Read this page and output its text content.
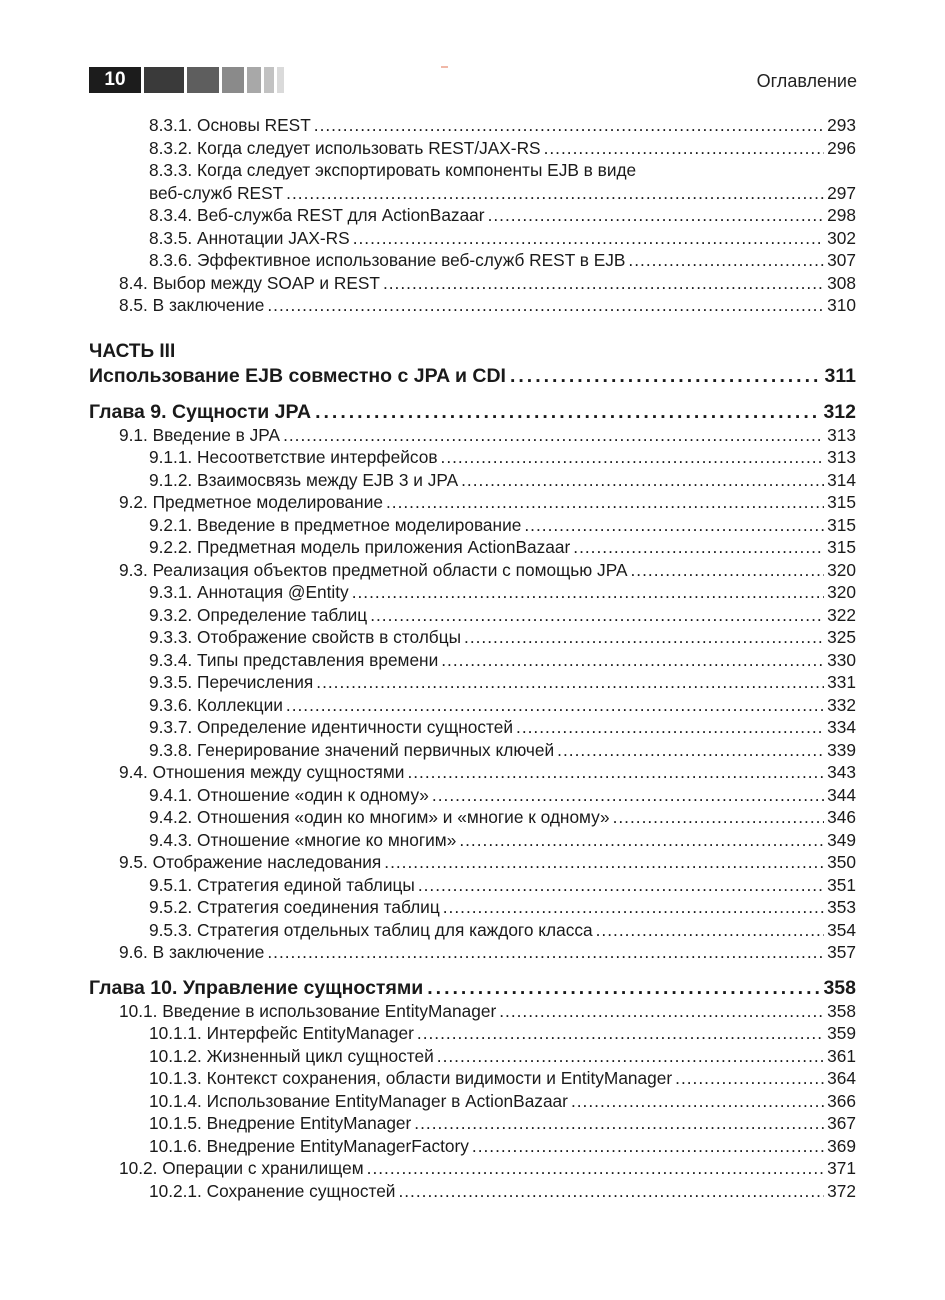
10	Оглавление
8.3.1. Основы REST .....	293
8.3.2. Когда следует использовать REST/JAX-RS .....	296
8.3.3. Когда следует экспортировать компоненты EJB в виде
веб-служб REST .....	297
8.3.4. Веб-служба REST для ActionBazaar .....	298
8.3.5. Аннотации JAX-RS .....	302
8.3.6. Эффективное использование веб-служб REST в EJB .....	307
8.4. Выбор между SOAP и REST .....	308
8.5. В заключение .....	310
ЧАСТЬ III
Использование EJB совместно с JPA и CDI .....	311
Глава 9. Сущности JPA .....	312
9.1. Введение в JPA .....	313
9.1.1. Несоответствие интерфейсов .....	313
9.1.2. Взаимосвязь между EJB 3 и JPA .....	314
9.2. Предметное моделирование .....	315
9.2.1. Введение в предметное моделирование .....	315
9.2.2. Предметная модель приложения ActionBazaar .....	315
9.3. Реализация объектов предметной области с помощью JPA .....	320
9.3.1. Аннотация @Entity .....	320
9.3.2. Определение таблиц .....	322
9.3.3. Отображение свойств в столбцы .....	325
9.3.4. Типы представления времени .....	330
9.3.5. Перечисления .....	331
9.3.6. Коллекции .....	332
9.3.7. Определение идентичности сущностей .....	334
9.3.8. Генерирование значений первичных ключей .....	339
9.4. Отношения между сущностями .....	343
9.4.1. Отношение «один к одному» .....	344
9.4.2. Отношения «один ко многим» и «многие к одному» .....	346
9.4.3. Отношение «многие ко многим» .....	349
9.5. Отображение наследования .....	350
9.5.1. Стратегия единой таблицы .....	351
9.5.2. Стратегия соединения таблиц .....	353
9.5.3. Стратегия отдельных таблиц для каждого класса .....	354
9.6. В заключение .....	357
Глава 10. Управление сущностями .....	358
10.1. Введение в использование EntityManager .....	358
10.1.1. Интерфейс EntityManager .....	359
10.1.2. Жизненный цикл сущностей .....	361
10.1.3. Контекст сохранения, области видимости и EntityManager .....	364
10.1.4. Использование EntityManager в ActionBazaar .....	366
10.1.5. Внедрение EntityManager .....	367
10.1.6. Внедрение EntityManagerFactory .....	369
10.2. Операции с хранилищем .....	371
10.2.1. Сохранение сущностей .....	372
